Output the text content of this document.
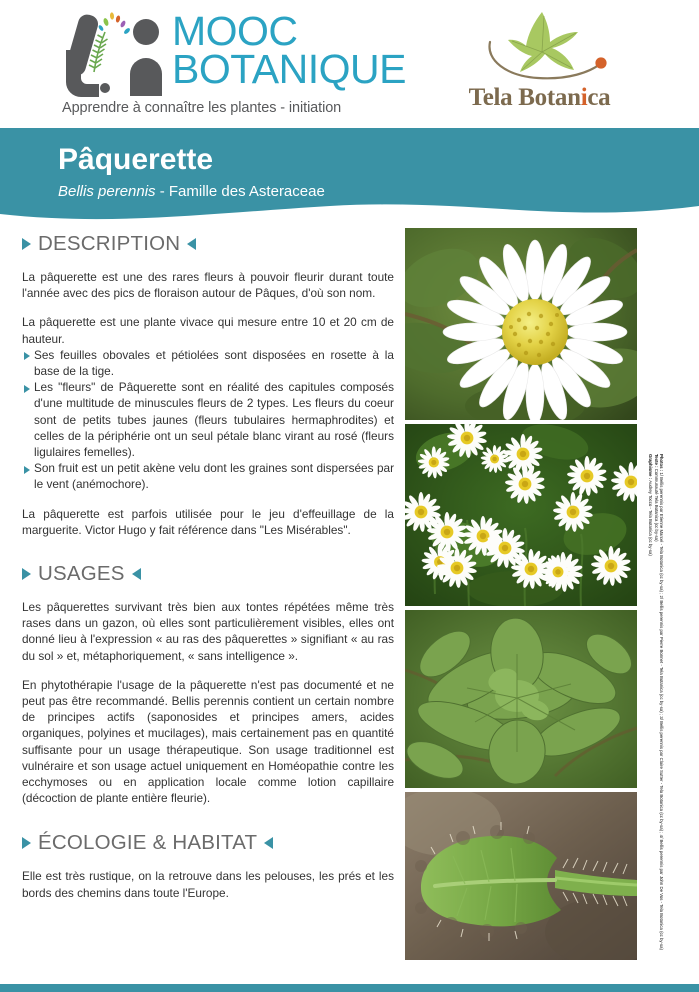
MOOC
BOTANIQUE
Apprendre à connaître les plantes - initiation	Tela Botanica
Pâquerette
Bellis perennis - Famille des Asteraceae
DESCRIPTION

La pâquerette est une des rares fleurs à pouvoir fleurir durant toute l'année avec des pics de floraison autour de Pâques, d'où son nom.

La pâquerette est une plante vivace qui mesure entre 10 et 20 cm de hauteur.

Ses feuilles obovales et pétiolées sont disposées en rosette à la base de la tige.

Les "fleurs" de Pâquerette sont en réalité des capitules composés d'une multitude de minuscules fleurs de 2 types. Les fleurs du coeur sont de petits tubes jaunes (fleurs tubulaires hermaphrodites) et celles de la périphérie ont un seul pétale blanc virant au rosé (fleurs ligulaires femelles).

Son fruit est un petit akène velu dont les graines sont dispersées par le vent (anémochore).

La pâquerette est parfois utilisée pour le jeu d'effeuillage de la marguerite. Victor Hugo y fait référence dans "Les Misérables".

USAGES

Les pâquerettes survivant très bien aux tontes répétées même très rases dans un gazon, où elles sont particulièrement visibles, elles ont donné lieu à l'expression « au ras des pâquerettes » signifiant « au ras du sol » et, métaphoriquement, « sans intelligence ».

En phytothérapie l'usage de la pâquerette n'est pas documenté et ne peut pas être recommandé. Bellis perennis contient un certain nombre de principes actifs (saponosides et principes amers, acides organiques, polyines et mucilages), mais certainement pas en quantité suffisante pour un usage thérapeutique. Son usage traditionnel est vulnéraire et son usage actuel uniquement en Homéopathie contre les ecchymoses ou en application locale comme lotion capillaire (décoction de plante entière fleurie).

ÉCOLOGIE & HABITAT

Elle est très rustique, on la retrouve dans les pelouses, les prés et les bords des chemins dans toute l'Europe.

Photos : 1/ Bellis perennis par Etienne Marcel - Tela Botanica (cc by-sa) ; 2/ Bellis perennis par Pierre Bonnet - Tela Botanica (cc by-sa) ; 3/ Bellis perennis par Claire Sutter - Tela Botanica (cc by-sa) ; 4/ Bellis perennis par John De Vos - Tela Botanica (cc by-sa)
Texte : Communauté Tela Botanica (cc by-sa)
Graphisme : Audrey Tocco - Tela Botanica (cc by-sa)
